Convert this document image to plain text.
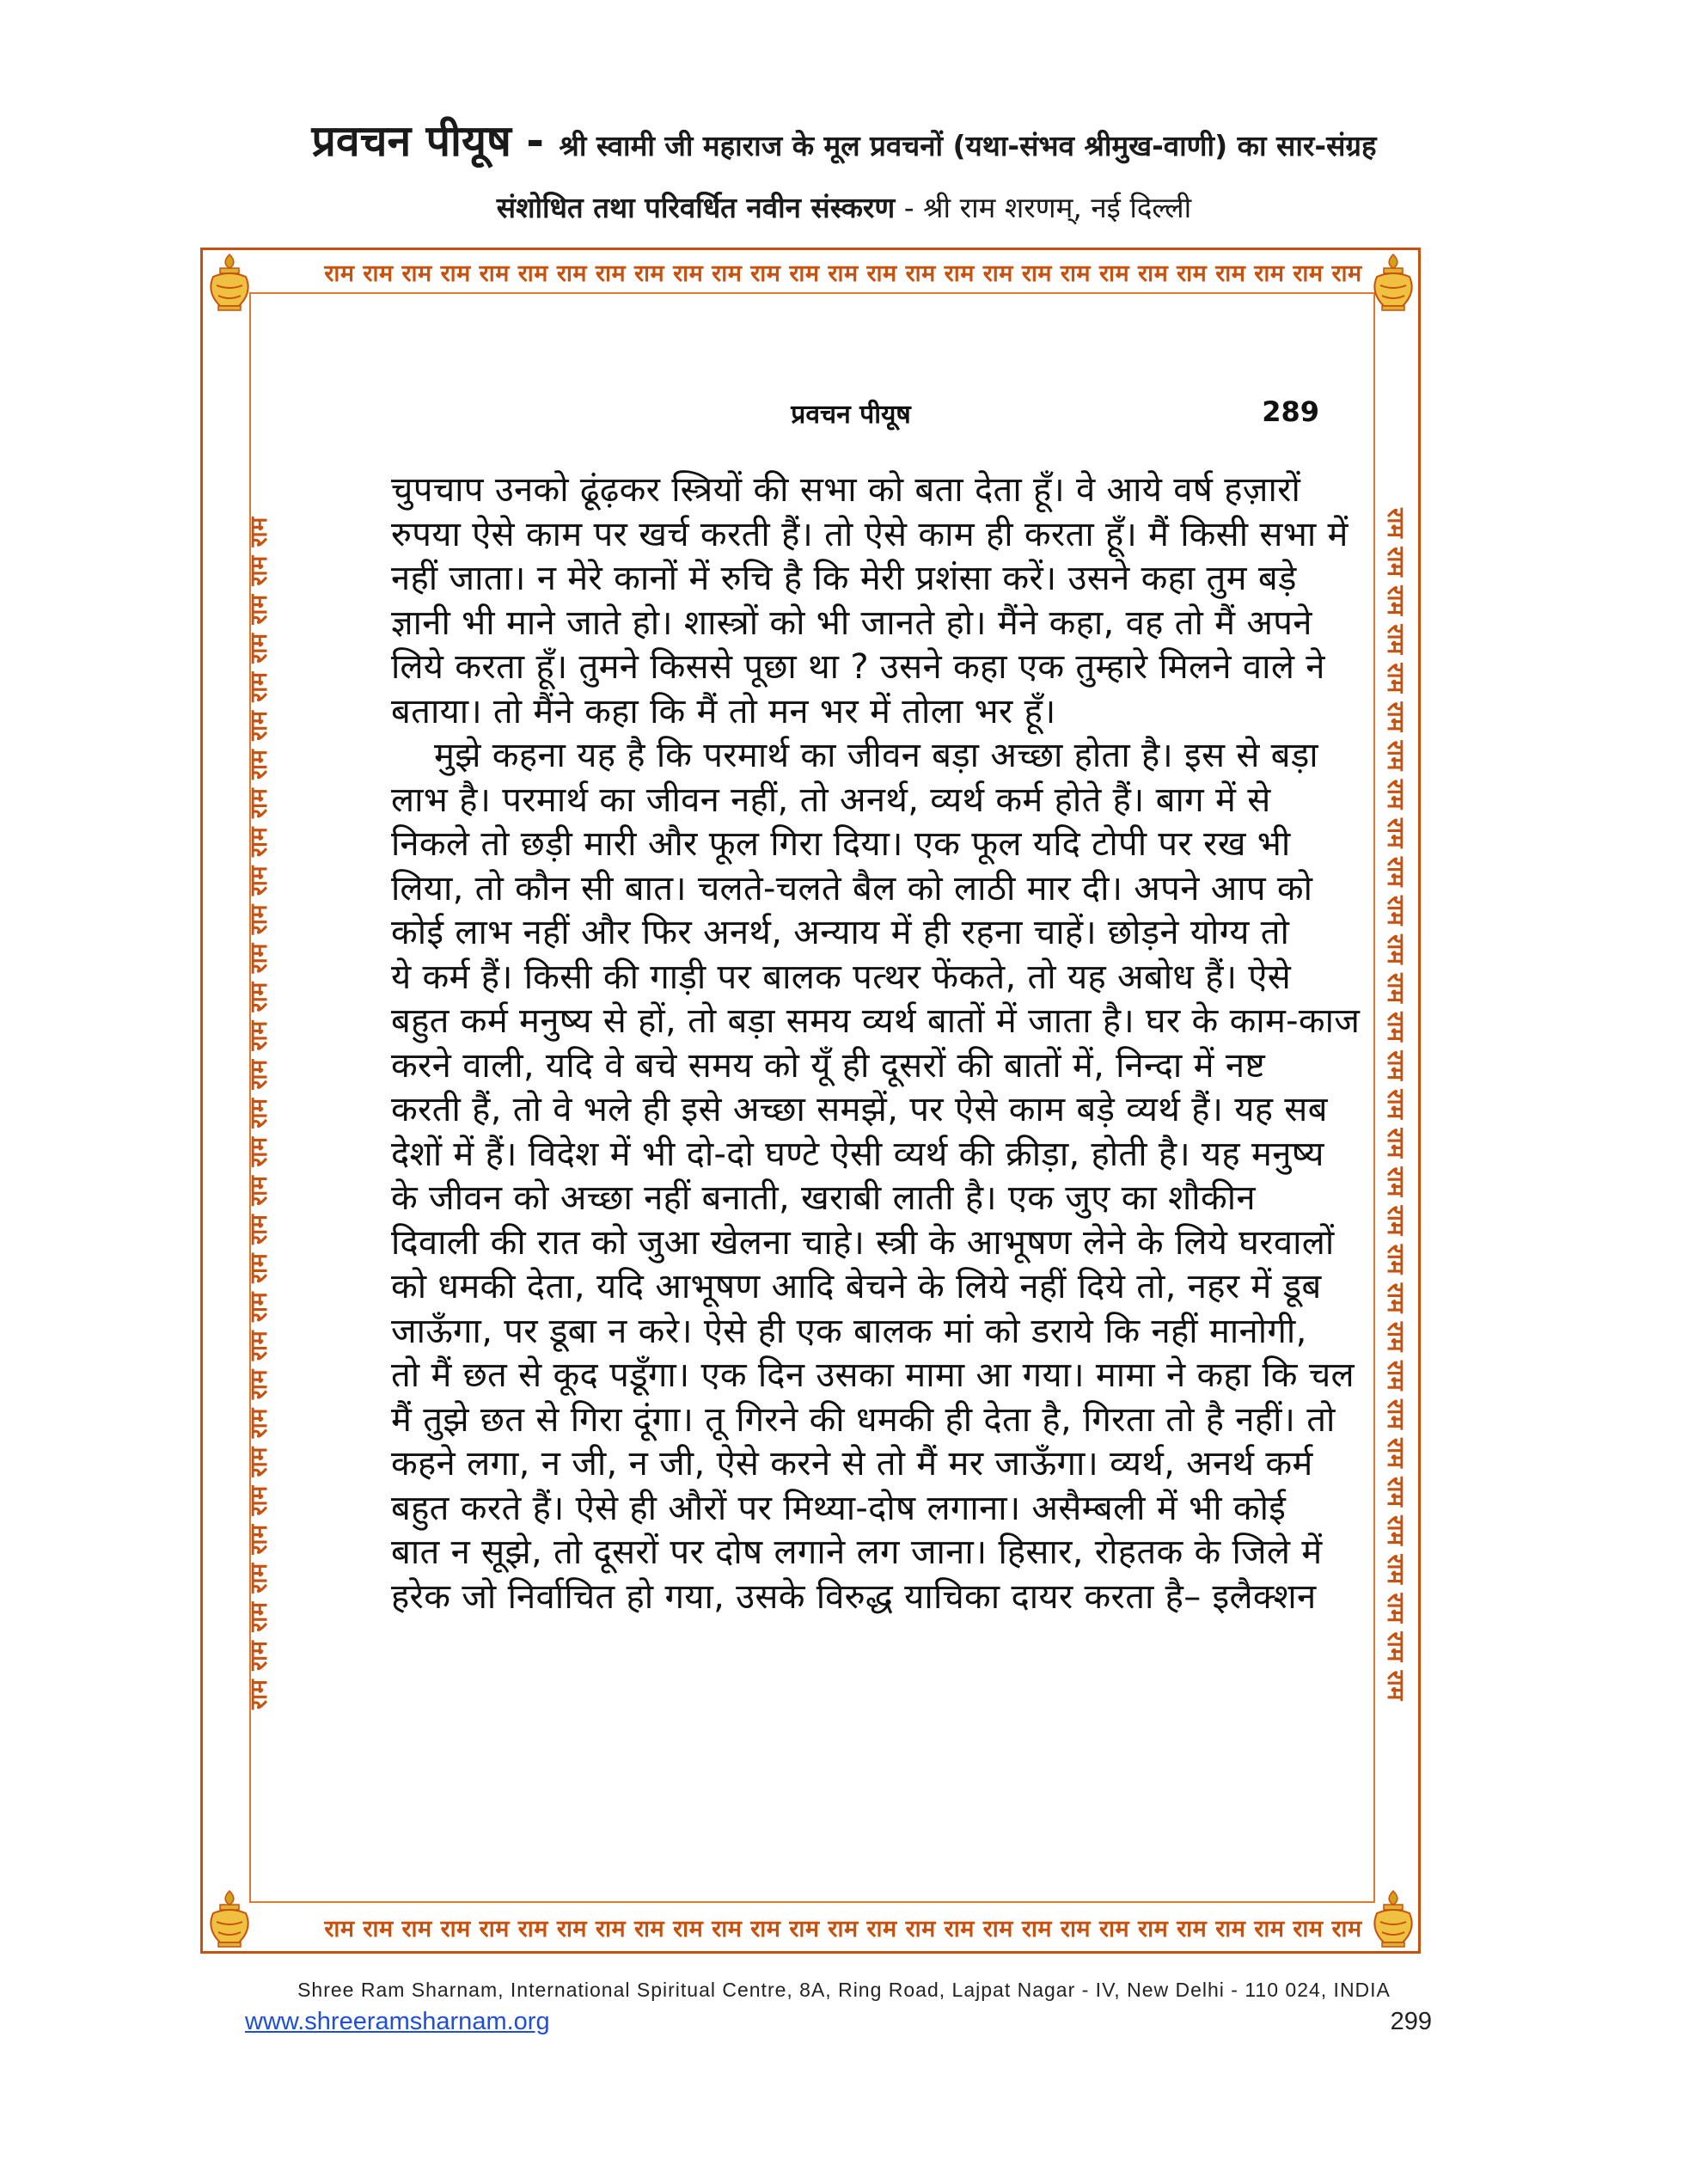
प्रवचन पीयूष - श्री स्वामी जी महाराज के मूल प्रवचनों (यथा-संभव श्रीमुख-वाणी) का सार-संग्रह
संशोधित तथा परिवर्धित नवीन संस्करण - श्री राम शरणम्, नई दिल्ली
राम राम राम राम राम राम राम राम राम राम राम राम राम राम राम राम राम राम राम राम राम राम राम राम राम राम राम
राम राम राम राम राम राम राम राम राम राम राम राम राम राम राम राम राम राम राम राम राम राम राम राम राम राम राम
राम राम राम राम राम राम राम राम राम राम राम राम राम राम राम राम राम राम राम राम राम राम राम राम राम राम राम राम राम राम राम	राम राम राम राम राम राम राम राम राम राम राम राम राम राम राम राम राम राम राम राम राम राम राम राम राम राम राम राम राम राम राम
प्रवचन पीयूष	289
चुपचाप उनको ढूंढ़कर स्त्रियों की सभा को बता देता हूँ। वे आये वर्ष हज़ारों
रुपया ऐसे काम पर खर्च करती हैं। तो ऐसे काम ही करता हूँ। मैं किसी सभा में
नहीं जाता। न मेरे कानों में रुचि है कि मेरी प्रशंसा करें। उसने कहा तुम बड़े
ज्ञानी भी माने जाते हो। शास्त्रों को भी जानते हो। मैंने कहा, वह तो मैं अपने
लिये करता हूँ। तुमने किससे पूछा था ? उसने कहा एक तुम्हारे मिलने वाले ने
बताया। तो मैंने कहा कि मैं तो मन भर में तोला भर हूँ।
मुझे कहना यह है कि परमार्थ का जीवन बड़ा अच्छा होता है। इस से बड़ा
लाभ है। परमार्थ का जीवन नहीं, तो अनर्थ, व्यर्थ कर्म होते हैं। बाग में से
निकले तो छड़ी मारी और फूल गिरा दिया। एक फूल यदि टोपी पर रख भी
लिया, तो कौन सी बात। चलते-चलते बैल को लाठी मार दी। अपने आप को
कोई लाभ नहीं और फिर अनर्थ, अन्याय में ही रहना चाहें। छोड़ने योग्य तो
ये कर्म हैं। किसी की गाड़ी पर बालक पत्थर फेंकते, तो यह अबोध हैं। ऐसे
बहुत कर्म मनुष्य से हों, तो बड़ा समय व्यर्थ बातों में जाता है। घर के काम-काज
करने वाली, यदि वे बचे समय को यूँ ही दूसरों की बातों में, निन्दा में नष्ट
करती हैं, तो वे भले ही इसे अच्छा समझें, पर ऐसे काम बड़े व्यर्थ हैं। यह सब
देशों में हैं। विदेश में भी दो-दो घण्टे ऐसी व्यर्थ की क्रीड़ा, होती है। यह मनुष्य
के जीवन को अच्छा नहीं बनाती, खराबी लाती है। एक जुए का शौकीन
दिवाली की रात को जुआ खेलना चाहे। स्त्री के आभूषण लेने के लिये घरवालों
को धमकी देता, यदि आभूषण आदि बेचने के लिये नहीं दिये तो, नहर में डूब
जाऊँगा, पर डूबा न करे। ऐसे ही एक बालक मां को डराये कि नहीं मानोगी,
तो मैं छत से कूद पडूँगा। एक दिन उसका मामा आ गया। मामा ने कहा कि चल
मैं तुझे छत से गिरा दूंगा। तू गिरने की धमकी ही देता है, गिरता तो है नहीं। तो
कहने लगा, न जी, न जी, ऐसे करने से तो मैं मर जाऊँगा। व्यर्थ, अनर्थ कर्म
बहुत करते हैं। ऐसे ही औरों पर मिथ्या-दोष लगाना। असैम्बली में भी कोई
बात न सूझे, तो दूसरों पर दोष लगाने लग जाना। हिसार, रोहतक के जिले में
हरेक जो निर्वाचित हो गया, उसके विरुद्ध याचिका दायर करता है– इलैक्शन
Shree Ram Sharnam, International Spiritual Centre, 8A, Ring Road, Lajpat Nagar - IV, New Delhi - 110 024, INDIA
www.shreeramsharnam.org	299
